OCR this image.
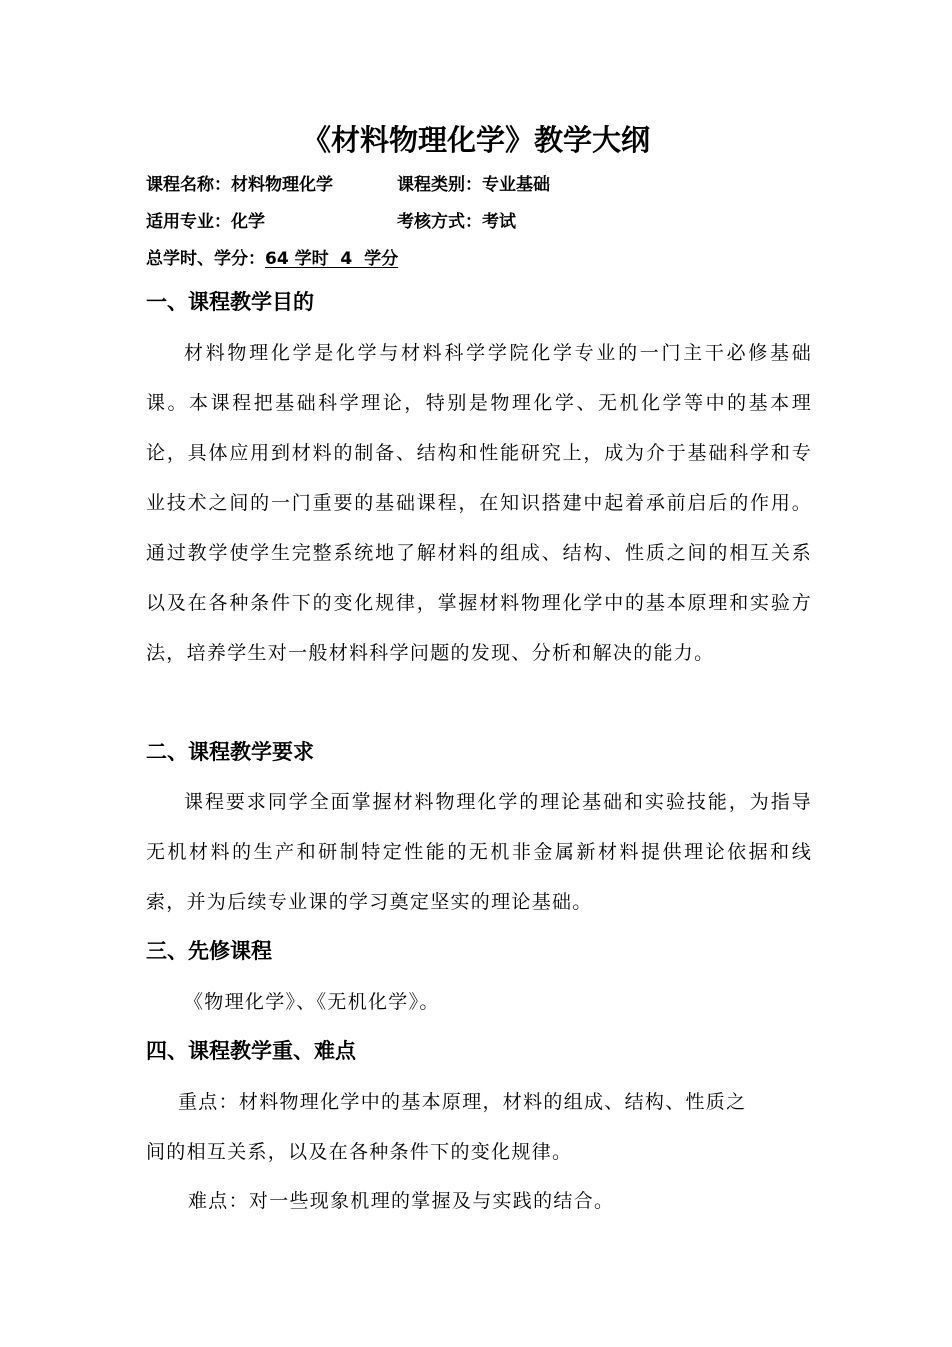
《材料物理化学》教学大纲
课程名称：材料物理化学	课程类别：专业基础
适用专业：化学	考核方式：考试
总学时、学分：64 学时  4  学分
一、课程教学目的

材料物理化学是化学与材料科学学院化学专业的一门主干必修基础课。本课程把基础科学理论，特别是物理化学、无机化学等中的基本理论，具体应用到材料的制备、结构和性能研究上，成为介于基础科学和专业技术之间的一门重要的基础课程，在知识搭建中起着承前启后的作用。通过教学使学生完整系统地了解材料的组成、结构、性质之间的相互关系以及在各种条件下的变化规律，掌握材料物理化学中的基本原理和实验方法，培养学生对一般材料科学问题的发现、分析和解决的能力。

二、课程教学要求

课程要求同学全面掌握材料物理化学的理论基础和实验技能，为指导无机材料的生产和研制特定性能的无机非金属新材料提供理论依据和线索，并为后续专业课的学习奠定坚实的理论基础。

三、先修课程

《物理化学》、《无机化学》。

四、课程教学重、难点
重点：材料物理化学中的基本原理，材料的组成、结构、性质之
间的相互关系，以及在各种条件下的变化规律。
难点：对一些现象机理的掌握及与实践的结合。
